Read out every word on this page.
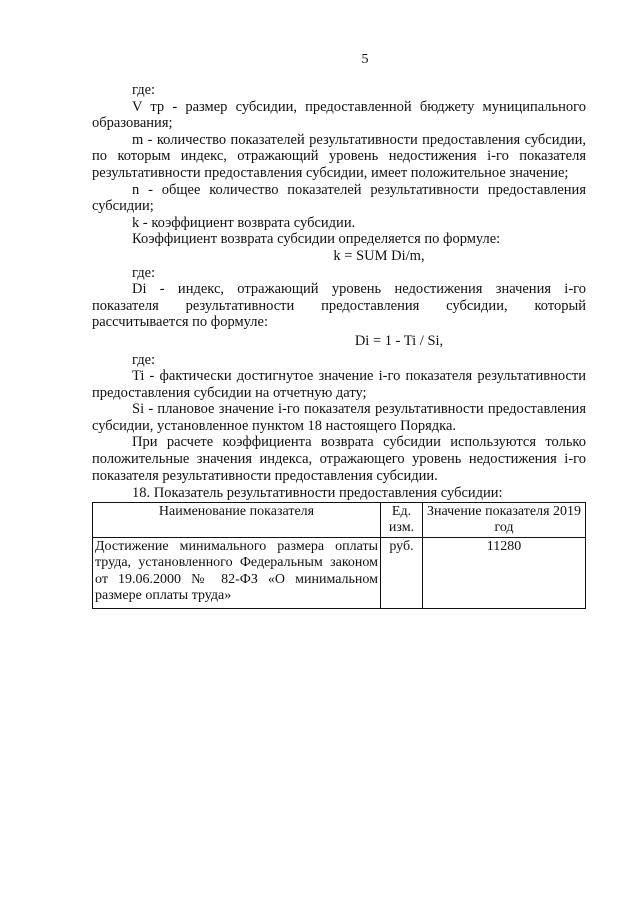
5

где:

V тр - размер субсидии, предоставленной бюджету муниципального образования;

m - количество показателей результативности предоставления субсидии, по которым индекс, отражающий уровень недостижения i-го показателя результативности предоставления субсидии, имеет положительное значение;

n - общее количество показателей результативности предоставления субсидии;

k - коэффициент возврата субсидии.

Коэффициент возврата субсидии определяется по формуле:

k = SUM Di/m,

где:

Di - индекс, отражающий уровень недостижения значения i-го показателя результативности предоставления субсидии, который рассчитывается по формуле:

Di = 1 - Ti / Si,

где:

Ti - фактически достигнутое значение i-го показателя результативности предоставления субсидии на отчетную дату;

Si - плановое значение i-го показателя результативности предоставления субсидии, установленное пунктом 18 настоящего Порядка.

При расчете коэффициента возврата субсидии используются только положительные значения индекса, отражающего уровень недостижения i-го показателя результативности предоставления субсидии.

18. Показатель результативности предоставления субсидии:

Наименование показателя	Ед. изм.	Значение показателя 2019 год
Достижение минимального размера оплаты труда, установленного Федеральным законом от 19.06.2000 № 82-ФЗ «О минимальном размере оплаты труда»	руб.	11280
